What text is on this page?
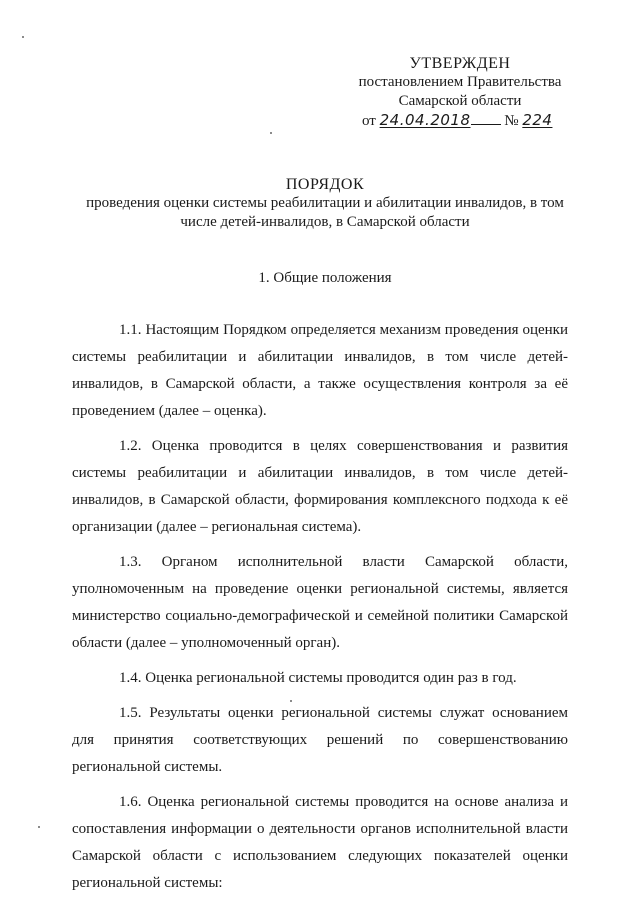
УТВЕРЖДЕН
постановлением Правительства
Самарской области
от 24.04.2018 № 224
ПОРЯДОК
проведения оценки системы реабилитации и абилитации инвалидов, в том
числе детей-инвалидов, в Самарской области
1. Общие положения

1.1. Настоящим Порядком определяется механизм проведения оценки системы реабилитации и абилитации инвалидов, в том числе детей-инвалидов, в Самарской области, а также осуществления контроля за её проведением (далее – оценка).

1.2. Оценка проводится в целях совершенствования и развития системы реабилитации и абилитации инвалидов, в том числе детей-инвалидов, в Самарской области, формирования комплексного подхода к её организации (далее – региональная система).

1.3. Органом исполнительной власти Самарской области, уполномоченным на проведение оценки региональной системы, является министерство социально-демографической и семейной политики Самарской области (далее – уполномоченный орган).

1.4. Оценка региональной системы проводится один раз в год.

1.5. Результаты оценки региональной системы служат основанием для принятия соответствующих решений по совершенствованию региональной системы.

1.6. Оценка региональной системы проводится на основе анализа и сопоставления информации о деятельности органов исполнительной власти Самарской области с использованием следующих показателей оценки региональной системы:
